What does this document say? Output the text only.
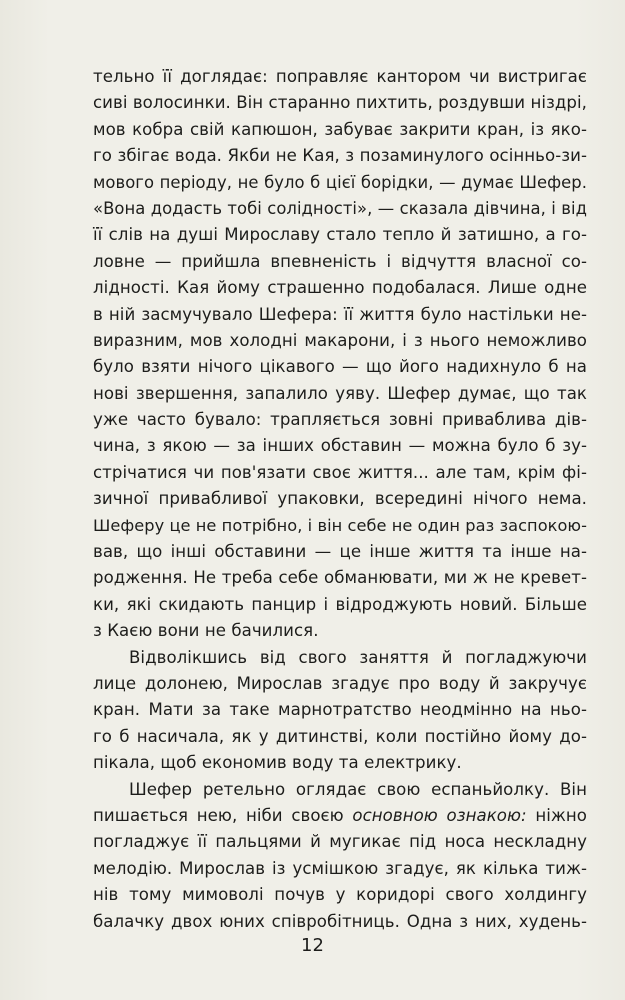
тельно її доглядає: поправляє кантором чи вистригає
сиві волосинки. Він старанно пихтить, роздувши ніздрі,
мов кобра свій капюшон, забуває закрити кран, із яко-
го збігає вода. Якби не Кая, з позаминулого осінньо-зи-
мового періоду, не було б цієї борідки, — думає Шефер.
«Вона додасть тобі солідності», — сказала дівчина, і від
її слів на душі Мирославу стало тепло й затишно, а го-
ловне — прийшла впевненість і відчуття власної со-
лідності. Кая йому страшенно подобалася. Лише одне
в ній засмучувало Шефера: її життя було настільки не-
виразним, мов холодні макарони, і з нього неможливо
було взяти нічого цікавого — що його надихнуло б на
нові звершення, запалило уяву. Шефер думає, що так
уже часто бувало: трапляється зовні приваблива дів-
чина, з якою — за інших обставин — можна було б зу-
стрічатися чи пов'язати своє життя... але там, крім фі-
зичної привабливої упаковки, всередині нічого нема.
Шеферу це не потрібно, і він себе не один раз заспокою-
вав, що інші обставини — це інше життя та інше на-
родження. Не треба себе обманювати, ми ж не кревет-
ки, які скидають панцир і відроджують новий. Більше
з Каєю вони не бачилися.
Відволікшись від свого заняття й погладжуючи
лице долонею, Мирослав згадує про воду й закручує
кран. Мати за таке марнотратство неодмінно на ньо-
го б насичала, як у дитинстві, коли постійно йому до-
пікала, щоб економив воду та електрику.
Шефер ретельно оглядає свою еспаньйолку. Він
пишається нею, ніби своєю основною ознакою: ніжно
погладжує її пальцями й мугикає під носа нескладну
мелодію. Мирослав із усмішкою згадує, як кілька тиж-
нів тому мимоволі почув у коридорі свого холдингу
балачку двох юних співробітниць. Одна з них, худень-
12
